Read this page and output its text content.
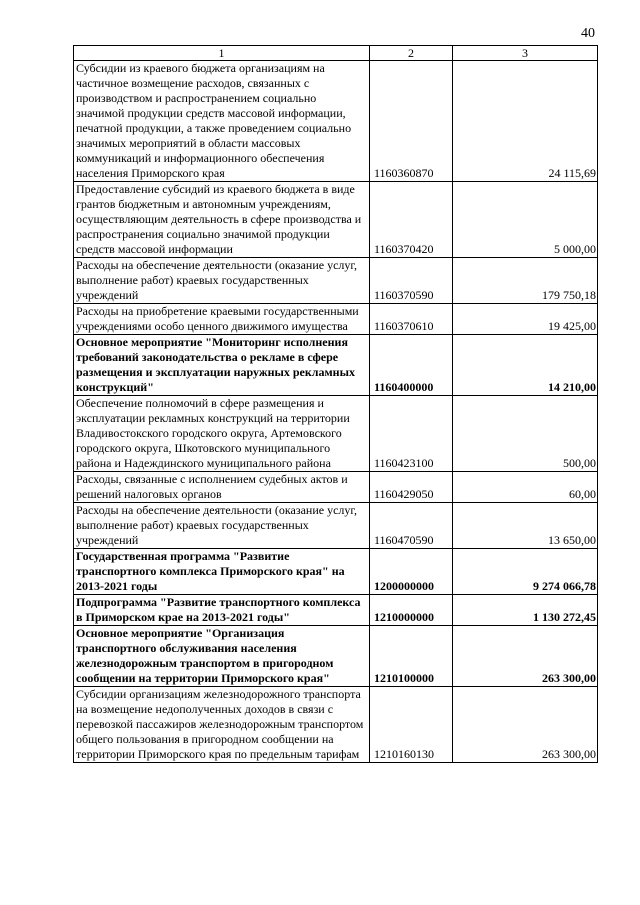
40
1	2	3
Субсидии из краевого бюджета организациям на частичное возмещение расходов, связанных с производством и распространением социально значимой продукции средств массовой информации, печатной продукции, а также проведением социально значимых мероприятий в области массовых коммуникаций и информационного обеспечения населения Приморского края	1160360870	24 115,69
Предоставление субсидий из краевого бюджета в виде грантов бюджетным и автономным учреждениям, осуществляющим деятельность в сфере производства и распространения социально значимой продукции средств массовой информации	1160370420	5 000,00
Расходы на обеспечение деятельности (оказание услуг, выполнение работ) краевых государственных учреждений	1160370590	179 750,18
Расходы на приобретение краевыми государственными учреждениями особо ценного движимого имущества	1160370610	19 425,00
Основное мероприятие "Мониторинг исполнения требований законодательства о рекламе в сфере размещения и эксплуатации наружных рекламных конструкций"	1160400000	14 210,00
Обеспечение полномочий в сфере размещения и эксплуатации рекламных конструкций на территории Владивостокского городского округа, Артемовского городского округа, Шкотовского муниципального района и Надеждинского муниципального района	1160423100	500,00
Расходы, связанные с исполнением судебных актов и решений налоговых органов	1160429050	60,00
Расходы на обеспечение деятельности (оказание услуг, выполнение работ) краевых государственных учреждений	1160470590	13 650,00
Государственная программа "Развитие транспортного комплекса Приморского края" на 2013-2021 годы	1200000000	9 274 066,78
Подпрограмма "Развитие транспортного комплекса в Приморском крае на 2013-2021 годы"	1210000000	1 130 272,45
Основное мероприятие "Организация транспортного обслуживания населения железнодорожным транспортом в пригородном сообщении на территории Приморского края"	1210100000	263 300,00
Субсидии организациям железнодорожного транспорта на возмещение недополученных доходов в связи с перевозкой пассажиров железнодорожным транспортом общего пользования в пригородном сообщении на территории Приморского края по предельным тарифам	1210160130	263 300,00
